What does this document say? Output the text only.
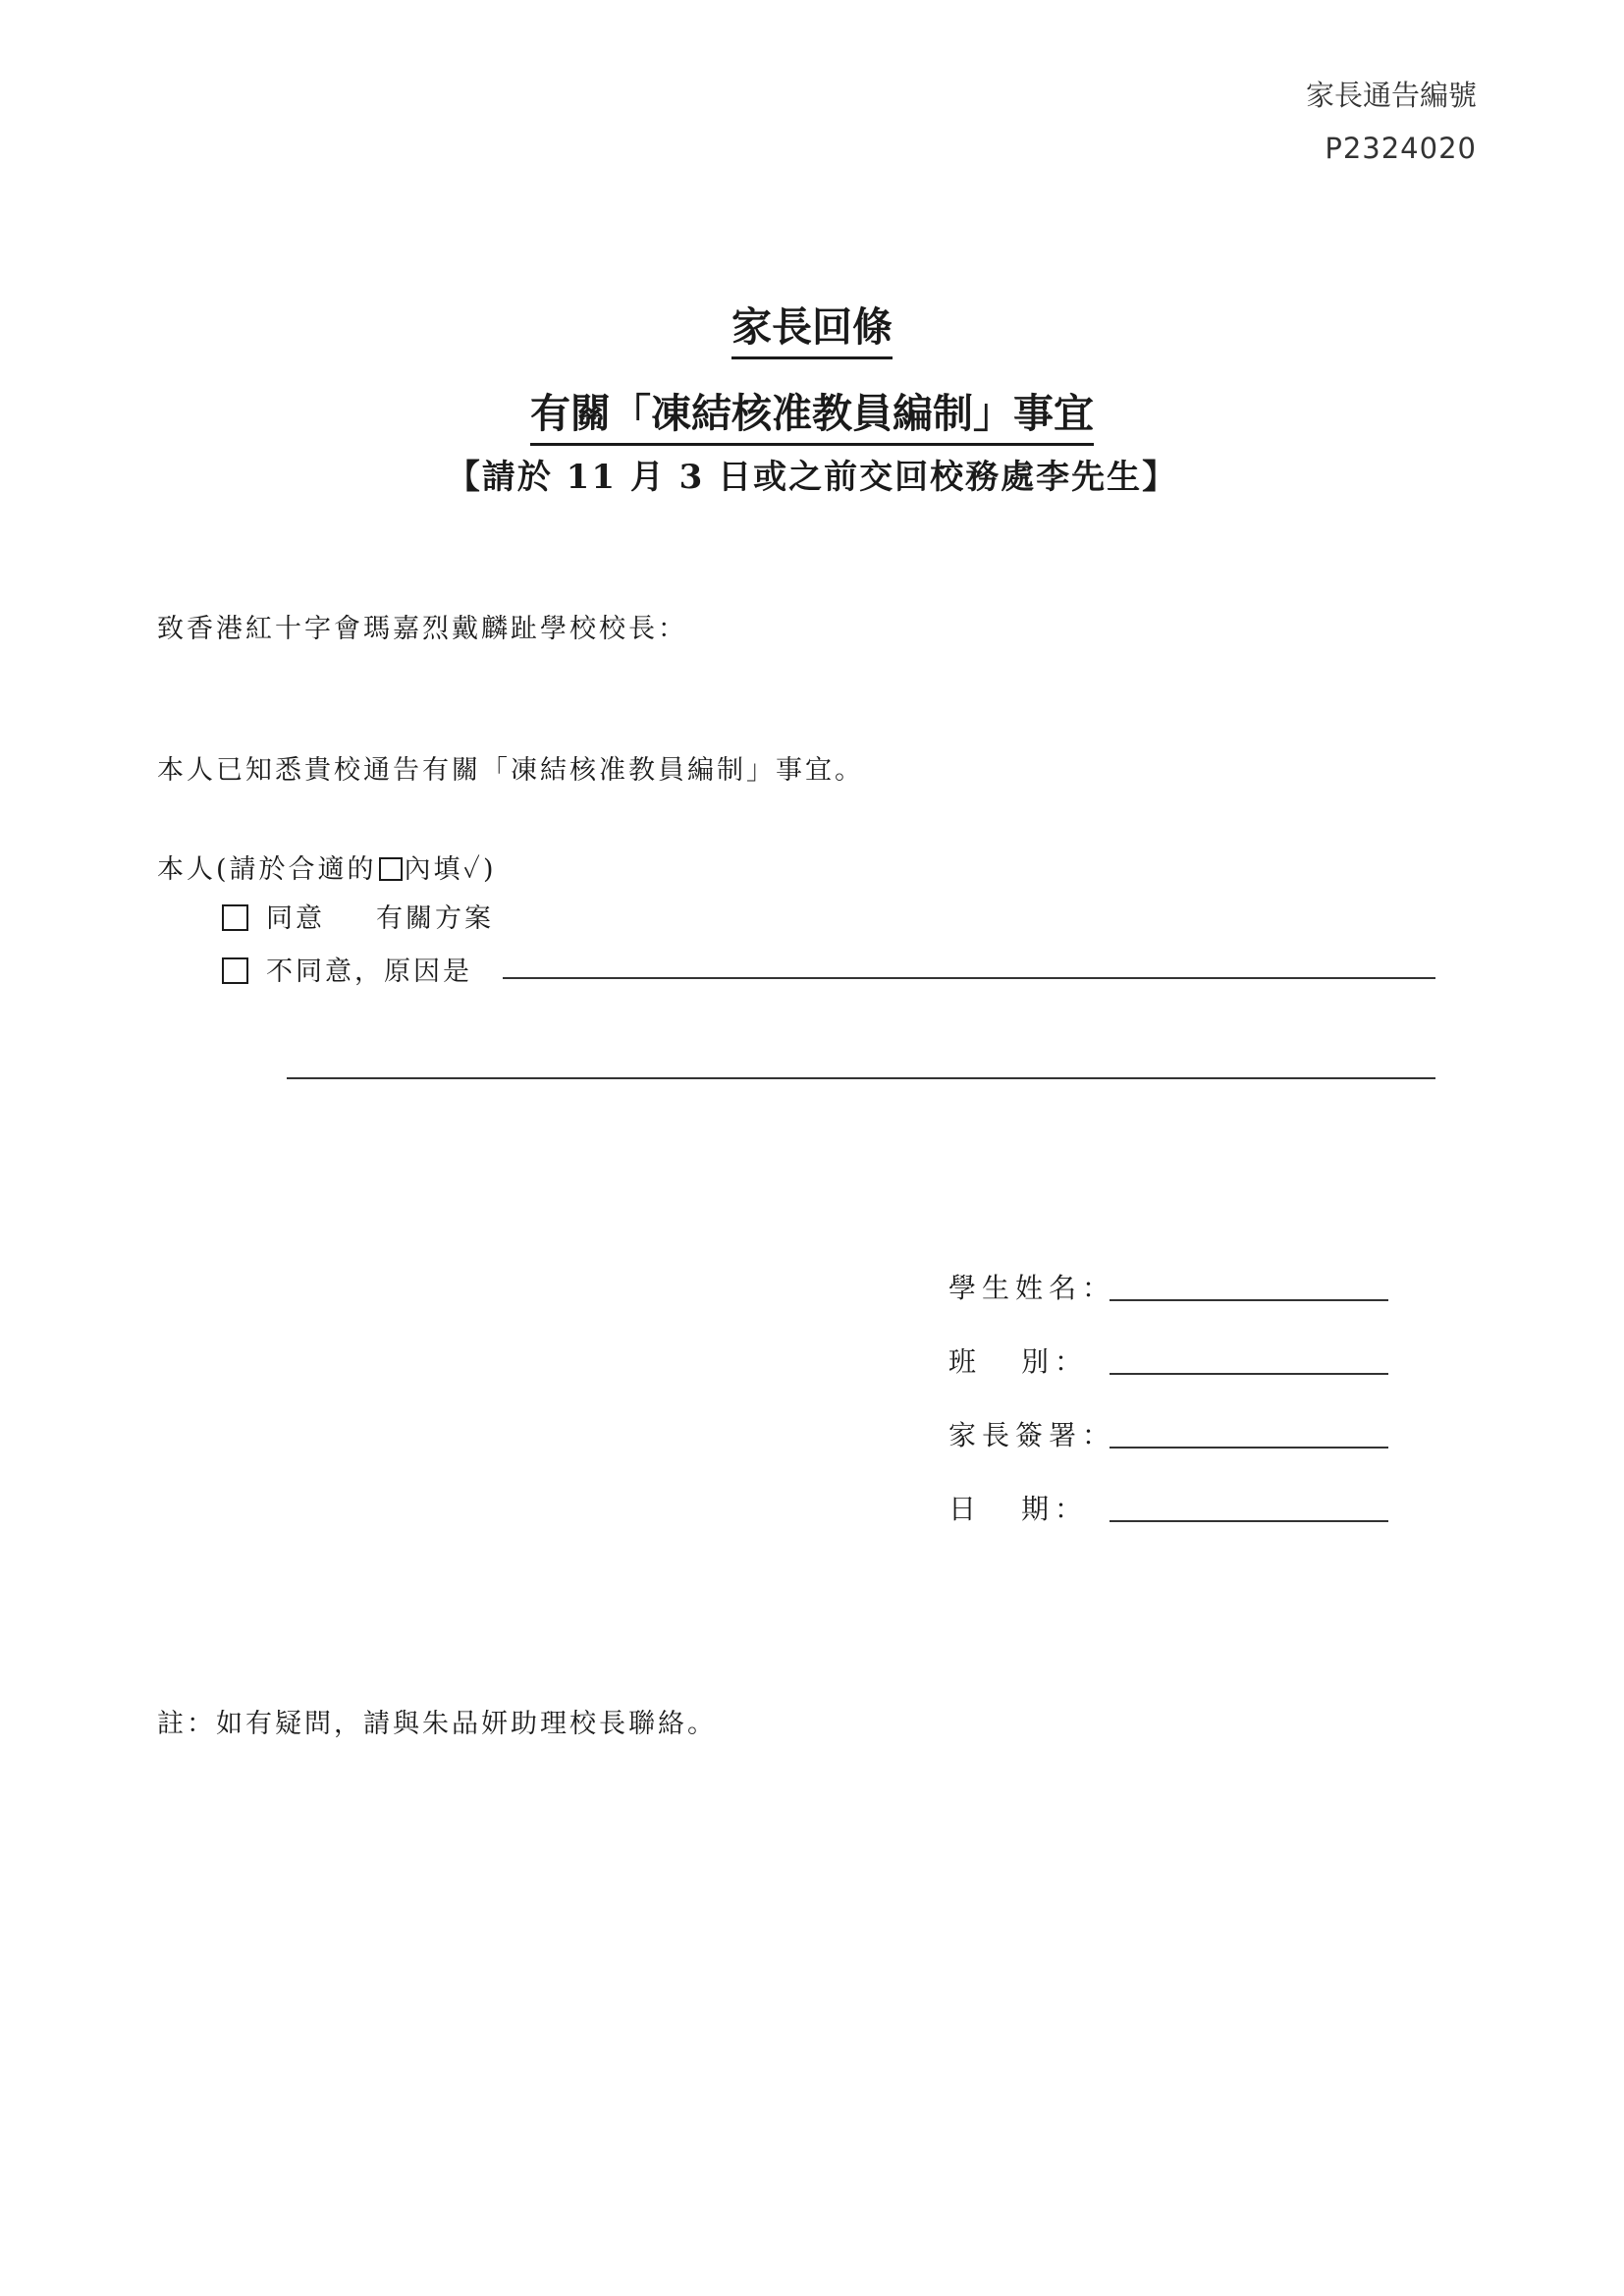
家長通告編號
P2324020
家長回條
有關「凍結核准教員編制」事宜
【請於 11 月 3 日或之前交回校務處李先生】
致香港紅十字會瑪嘉烈戴麟趾學校校長：
本人已知悉貴校通告有關「凍結核准教員編制」事宜。
本人(請於合適的 內填✓)
同意 有關方案
不同意，原因是
學生姓名：
班別：
家長簽署：
日期：
註：如有疑問，請與朱品妍助理校長聯絡。
